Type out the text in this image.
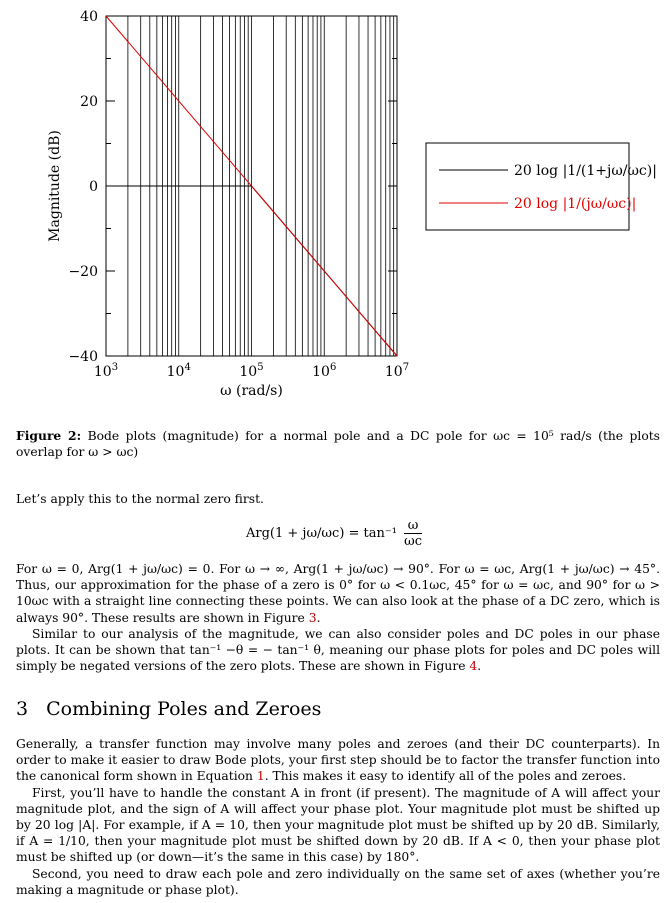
40
20
0
−20
−40
$10^3$	$10^4$	$10^5$	$10^6$	$10^7$
ω (rad/s)
Magnitude (dB)	20 log |1/(1+jω/ωc)|
20 log |1/(jω/ωc)|
Figure 2: Bode plots (magnitude) for a normal pole and a DC pole for ωc = 10⁵ rad/s (the plots overlap for ω > ωc)
Let’s apply this to the normal zero first.
$Arg(1 + j\omega/\omega c) = \tan^{-1} \frac{\omega}{\omega c}$

For ω = 0, Arg(1 + jω/ωc) = 0. For ω → ∞, Arg(1 + jω/ωc) → 90°. For ω = ωc, Arg(1 + jω/ωc) → 45°. Thus, our approximation for the phase of a zero is 0° for ω < 0.1ωc, 45° for ω = ωc, and 90° for ω > 10ωc with a straight line connecting these points. We can also look at the phase of a DC zero, which is always 90°. These results are shown in Figure 3.

Similar to our analysis of the magnitude, we can also consider poles and DC poles in our phase plots. It can be shown that tan⁻¹ −θ = − tan⁻¹ θ, meaning our phase plots for poles and DC poles will simply be negated versions of the zero plots. These are shown in Figure 4.

3 Combining Poles and Zeroes

Generally, a transfer function may involve many poles and zeroes (and their DC counterparts). In order to make it easier to draw Bode plots, your first step should be to factor the transfer function into the canonical form shown in Equation 1. This makes it easy to identify all of the poles and zeroes.

First, you’ll have to handle the constant A in front (if present). The magnitude of A will affect your magnitude plot, and the sign of A will affect your phase plot. Your magnitude plot must be shifted up by 20 log |A|. For example, if A = 10, then your magnitude plot must be shifted up by 20 dB. Similarly, if A = 1/10, then your magnitude plot must be shifted down by 20 dB. If A < 0, then your phase plot must be shifted up (or down—it’s the same in this case) by 180°.

Second, you need to draw each pole and zero individually on the same set of axes (whether you’re making a magnitude or phase plot).
